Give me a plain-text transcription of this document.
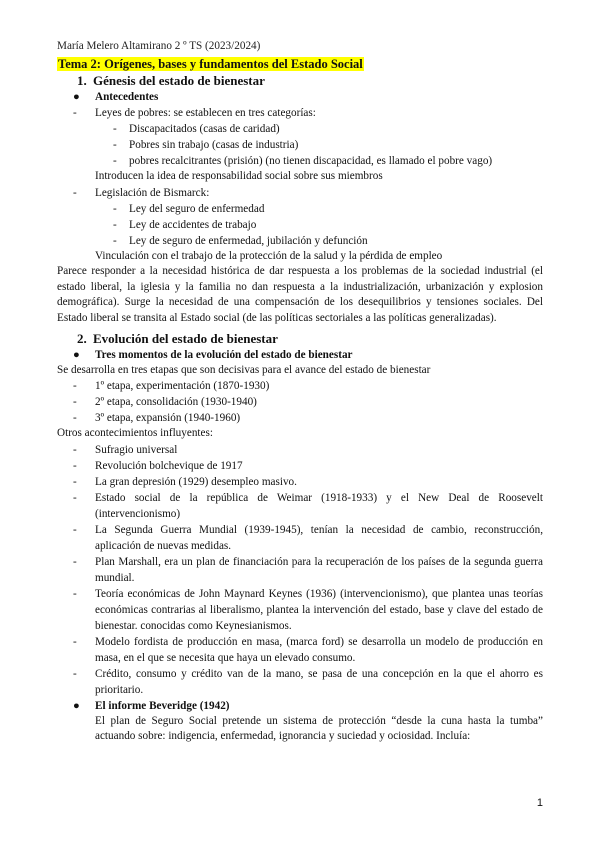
María Melero Altamirano 2 º TS (2023/2024)
Tema 2: Orígenes, bases y fundamentos del Estado Social
1. Génesis del estado de bienestar
●	Antecedentes
-	Leyes de pobres: se establecen en tres categorías:
-	Discapacitados (casas de caridad)
-	Pobres sin trabajo (casas de industria)
-	pobres recalcitrantes (prisión) (no tienen discapacidad, es llamado el pobre vago)
Introducen la idea de responsabilidad social sobre sus miembros
-	Legislación de Bismarck:
-	Ley del seguro de enfermedad
-	Ley de accidentes de trabajo
-	Ley de seguro de enfermedad, jubilación y defunción
Vinculación con el trabajo de la protección de la salud y la pérdida de empleo
Parece responder a la necesidad histórica de dar respuesta a los problemas de la sociedad industrial (el estado liberal, la iglesia y la familia no dan respuesta a la industrialización, urbanización y explosion demográfica). Surge la necesidad de una compensación de los desequilibrios y tensiones sociales. Del Estado liberal se transita al Estado social (de las políticas sectoriales a las políticas generalizadas).
2. Evolución del estado de bienestar
●	Tres momentos de la evolución del estado de bienestar
Se desarrolla en tres etapas que son decisivas para el avance del estado de bienestar
-	1º etapa, experimentación (1870-1930)
-	2º etapa, consolidación (1930-1940)
-	3º etapa, expansión (1940-1960)
Otros acontecimientos influyentes:
-	Sufragio universal
-	Revolución bolchevique de 1917
-	La gran depresión (1929) desempleo masivo.
-	Estado social de la república de Weimar (1918-1933) y el New Deal de Roosevelt (intervencionismo)
-	La Segunda Guerra Mundial (1939-1945), tenían la necesidad de cambio, reconstrucción, aplicación de nuevas medidas.
-	Plan Marshall, era un plan de financiación para la recuperación de los países de la segunda guerra mundial.
-	Teoría económicas de John Maynard Keynes (1936) (intervencionismo), que plantea unas teorías económicas contrarias al liberalismo, plantea la intervención del estado, base y clave del estado de bienestar. conocidas como Keynesianismos.
-	Modelo fordista de producción en masa, (marca ford) se desarrolla un modelo de producción en masa, en el que se necesita que haya un elevado consumo.
-	Crédito, consumo y crédito van de la mano, se pasa de una concepción en la que el ahorro es prioritario.
●	El informe Beveridge (1942)
El plan de Seguro Social pretende un sistema de protección “desde la cuna hasta la tumba” actuando sobre: indigencia, enfermedad, ignorancia y suciedad y ociosidad. Incluía:
1
